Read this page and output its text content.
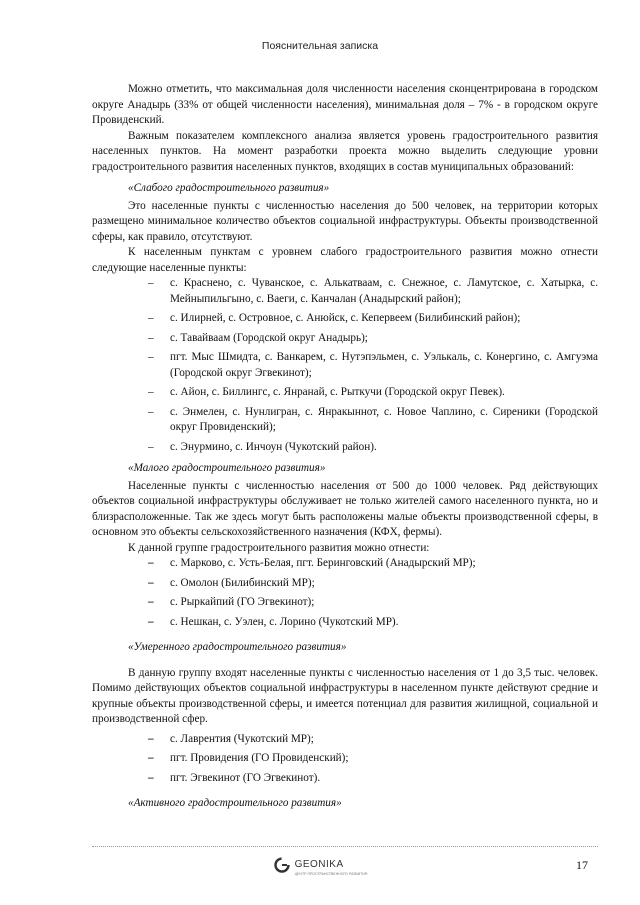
Пояснительная записка

Можно отметить, что максимальная доля численности населения сконцентрирована в городском округе Анадырь (33% от общей численности населения), минимальная доля – 7% - в городском округе Провиденский.

Важным показателем комплексного анализа является уровень градостроительного развития населенных пунктов. На момент разработки проекта можно выделить следующие уровни градостроительного развития населенных пунктов, входящих в состав муниципальных образований:

«Слабого градостроительного развития»

Это населенные пункты с численностью населения до 500 человек, на территории которых размещено минимальное количество объектов социальной инфраструктуры. Объекты производственной сферы, как правило, отсутствуют.

К населенным пунктам с уровнем слабого градостроительного развития можно отнести следующие населенные пункты:

– с. Краснено, с. Чуванское, с. Алькатваам, с. Снежное, с. Ламутское, с. Хатырка, с. Мейныпильгыно, с. Ваеги, с. Канчалан (Анадырский район);
– с. Илирней, с. Островное, с. Анюйск, с. Кепервеем (Билибинский район);
– с. Тавайваам (Городской округ Анадырь);
– пгт. Мыс Шмидта, с. Ванкарем, с. Нутэпэльмен, с. Уэлькаль, с. Конергино, с. Амгуэма (Городской округ Эгвекинот);
– с. Айон, с. Биллингс, с. Янранай, с. Рыткучи (Городской округ Певек).
– с. Энмелен, с. Нунлигран, с. Янракыннот, с. Новое Чаплино, с. Сиреники (Городской округ Провиденский);
– с. Энурмино, с. Инчоун (Чукотский район).

«Малого градостроительного развития»

Населенные пункты с численностью населения от 500 до 1000 человек. Ряд действующих объектов социальной инфраструктуры обслуживает не только жителей самого населенного пункта, но и близрасположенные. Так же здесь могут быть расположены малые объекты производственной сферы, в основном это объекты сельскохозяйственного назначения (КФХ, фермы).

К данной группе градостроительного развития можно отнести:

– с. Марково, с. Усть-Белая, пгт. Беринговский (Анадырский МР);
– с. Омолон (Билибинский МР);
– с. Рыркайпий (ГО Эгвекинот);
– с. Нешкан, с. Уэлен, с. Лорино (Чукотский МР).

«Умеренного градостроительного развития»

В данную группу входят населенные пункты с численностью населения от 1 до 3,5 тыс. человек. Помимо действующих объектов социальной инфраструктуры в населенном пункте действуют средние и крупные объекты производственной сферы, и имеется потенциал для развития жилищной, социальной и производственной сфер.

– с. Лаврентия (Чукотский МР);
– пгт. Провидения (ГО Провиденский);
– пгт. Эгвекинот (ГО Эгвекинот).

«Активного градостроительного развития»

GEONIKA
ЦЕНТР ПРОСТРАНСТВЕННОГО РАЗВИТИЯ
17
